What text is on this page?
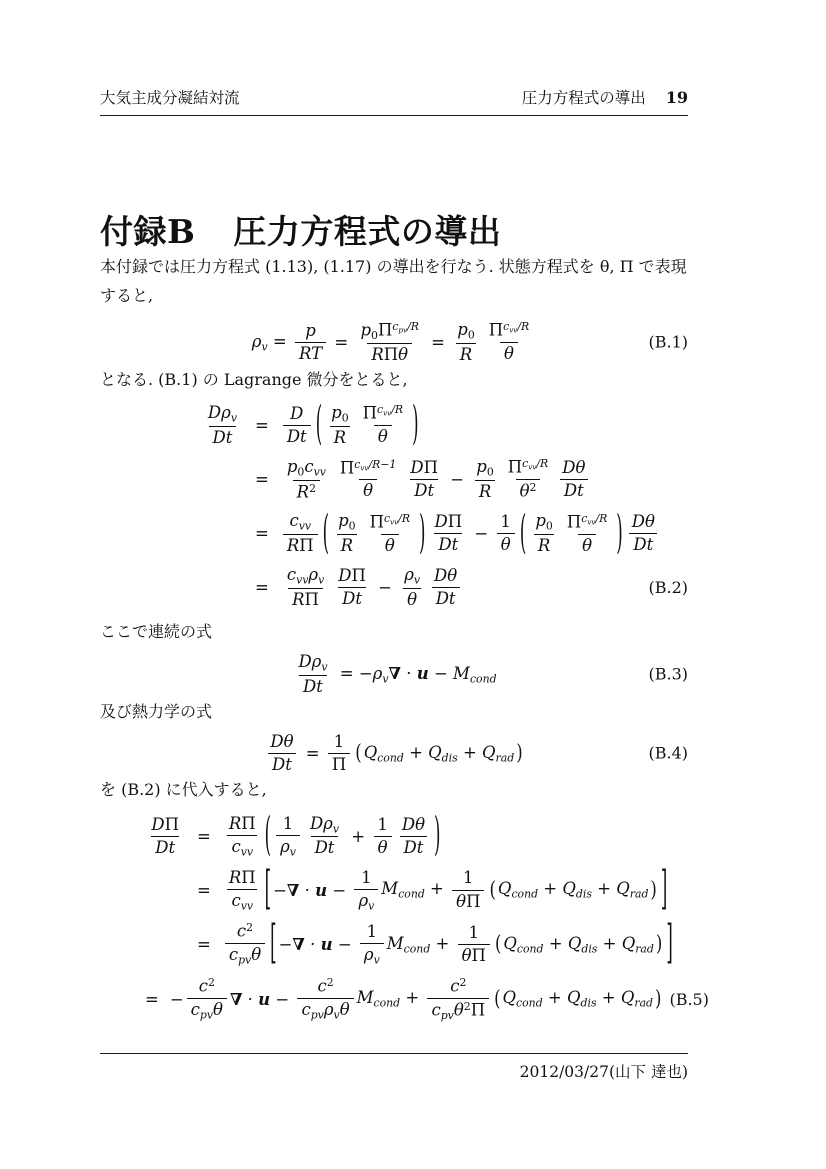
大気主成分凝結対流	圧力方程式の導出 19
付録B 圧力方程式の導出

本付録では圧力方程式 (1.13), (1.17) の導出を行なう. 状態方程式を θ, Π で表現すると,

$\rho_v = \frac{p}{RT} = \frac{p_0\Pi^{c_{pv}/R}}{\text{RΠθ}} = \frac{p_0}{R} \frac{\Pi^{c_{vv}/R}}{\theta}$	(B.1)

となる. (B.1) の Lagrange 微分をとると,

$\frac{D\rho_v}{Dt} = \frac{D}{Dt}$ ( $\frac{p_0}{R} \frac{\Pi^{c_{vv}/R}}{\theta}$ )
= $\frac{p_0c_{vv}}{R^2} \frac{\Pi^{c_{vv}/R-1}}{\theta} \frac{D\Pi}{Dt} - \frac{p_0}{R} \frac{\Pi^{c_{vv}/R}}{\theta^2} \frac{D\theta}{Dt}$
= $\frac{c_{vv}}{R\Pi}$ ( $\frac{p_0}{R} \frac{\Pi^{c_{vv}/R}}{\theta}$ ) $\frac{D\Pi}{Dt} - \frac{1}{\theta}$ ( $\frac{p_0}{R} \frac{\Pi^{c_{vv}/R}}{\theta}$ ) $\frac{D\theta}{Dt}$
= $\frac{c_{vv}\rho_v}{R\Pi} \frac{D\Pi}{Dt} - \frac{\rho_v}{\theta} \frac{D\theta}{Dt}$	(B.2)

ここで連続の式

$\frac{D\rho_v}{Dt} = -\rho_v\nabla \cdot u - M_{cond}$	(B.3)

及び熱力学の式

$\frac{D\theta}{Dt} = \frac{1}{\Pi}$ ( $Q_{cond} + Q_{dis} + Q_{rad}$ )	(B.4)

を (B.2) に代入すると,

$\frac{D\Pi}{Dt} = \frac{R\Pi}{c_{vv}}$ ( $\frac{1}{\rho_v} \frac{D\rho_v}{Dt} + \frac{1}{\theta} \frac{D\theta}{Dt}$ )
= $\frac{R\Pi}{c_{vv}}$ [ −∇ · $u - \frac{1}{\rho_v} M_{cond} + \frac{1}{\theta\Pi}$ ( $Q_{cond} + Q_{dis} + Q_{rad}$ ) ]
= $\frac{c^2}{c_{pv}\theta}$ [ −∇ · $u - \frac{1}{\rho_v} M_{cond} + \frac{1}{\theta\Pi}$ ( $Q_{cond} + Q_{dis} + Q_{rad}$ ) ]
= − $\frac{c^2}{c_{pv}\theta}$ ∇ · $u - \frac{c^2}{c_{pv}\rho_v\theta} M_{cond} + \frac{c^2}{c_{pv}\theta^2\Pi}$ ( $Q_{cond} + Q_{dis} + Q_{rad}$ ) (B.5)
2012/03/27(山下 達也)
